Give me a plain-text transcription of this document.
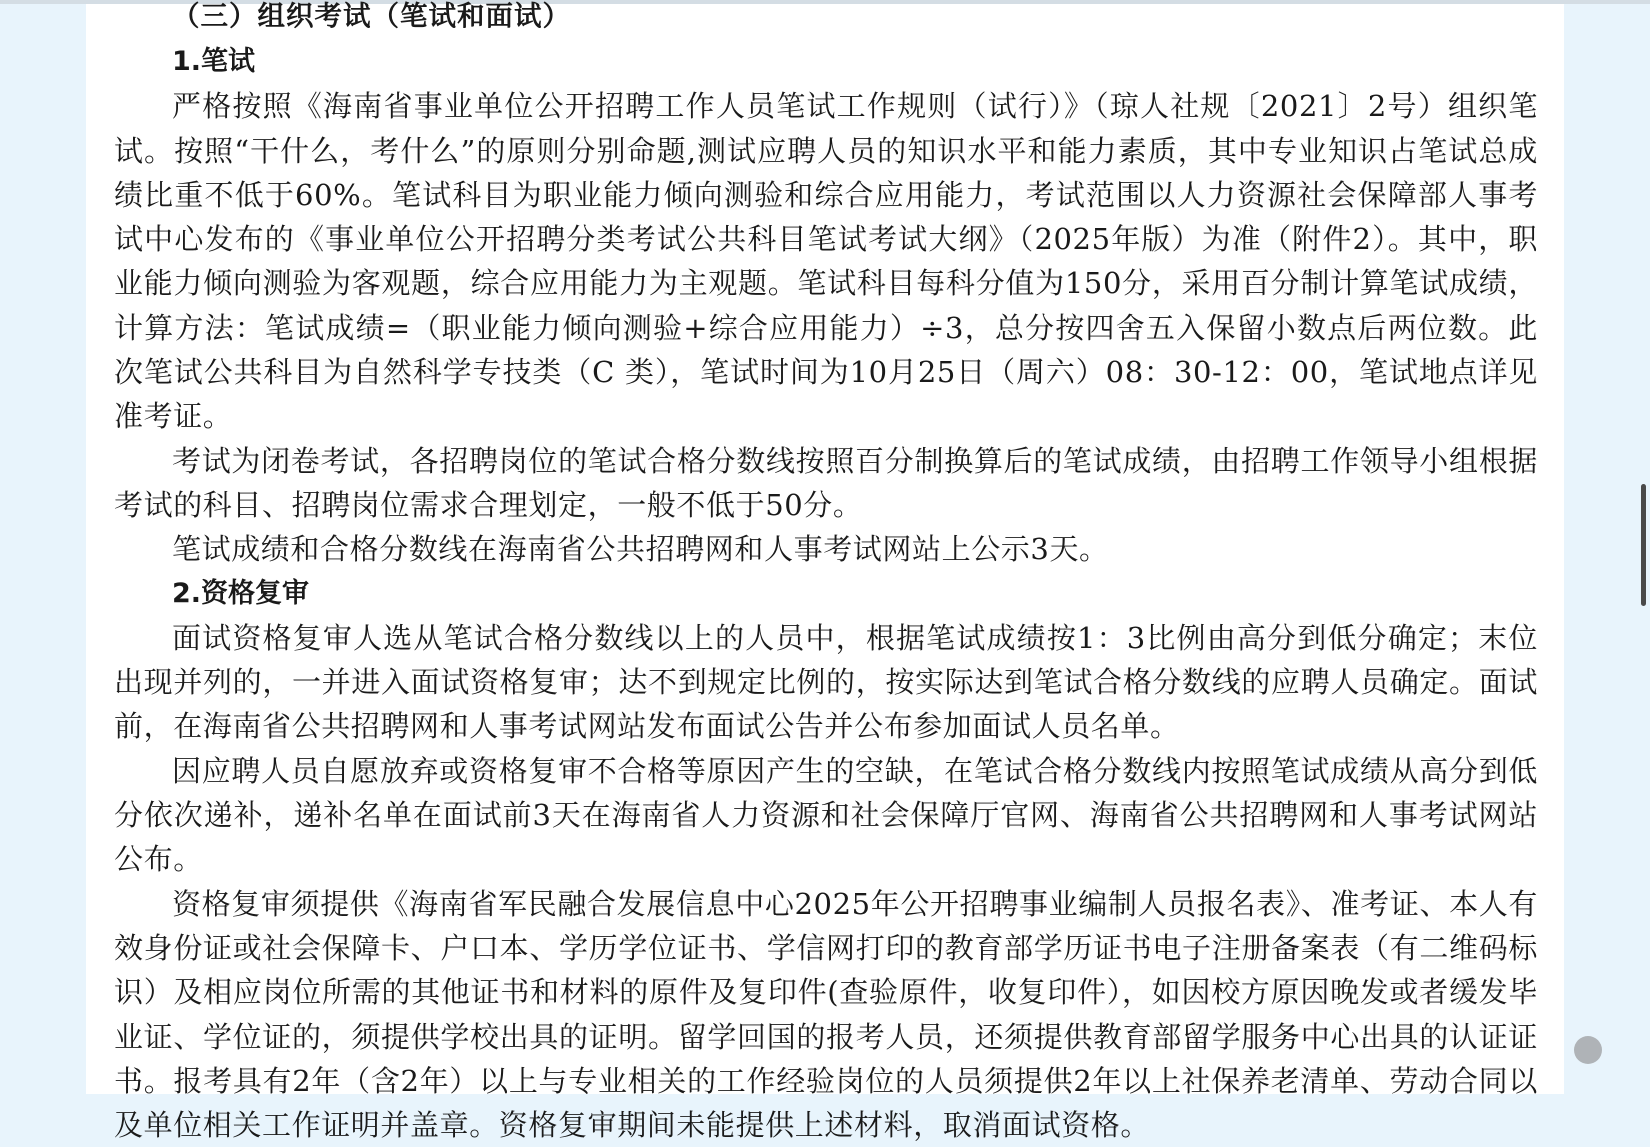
（三）组织考试（笔试和面试）
1.笔试

严格按照《海南省事业单位公开招聘工作人员笔试工作规则（试行）》（琼人社规〔2021〕2号）组织笔试。按照“干什么，考什么”的原则分别命题,测试应聘人员的知识水平和能力素质，其中专业知识占笔试总成绩比重不低于60%。笔试科目为职业能力倾向测验和综合应用能力，考试范围以人力资源社会保障部人事考试中心发布的《事业单位公开招聘分类考试公共科目笔试考试大纲》（2025年版）为准（附件2）。其中，职业能力倾向测验为客观题，综合应用能力为主观题。笔试科目每科分值为150分，采用百分制计算笔试成绩，计算方法：笔试成绩=（职业能力倾向测验+综合应用能力）÷3，总分按四舍五入保留小数点后两位数。此次笔试公共科目为自然科学专技类（C 类），笔试时间为10月25日（周六）08：30-12：00，笔试地点详见准考证。

考试为闭卷考试，各招聘岗位的笔试合格分数线按照百分制换算后的笔试成绩，由招聘工作领导小组根据考试的科目、招聘岗位需求合理划定，一般不低于50分。

笔试成绩和合格分数线在海南省公共招聘网和人事考试网站上公示3天。

2.资格复审

面试资格复审人选从笔试合格分数线以上的人员中，根据笔试成绩按1：3比例由高分到低分确定；末位出现并列的，一并进入面试资格复审；达不到规定比例的，按实际达到笔试合格分数线的应聘人员确定。面试前，在海南省公共招聘网和人事考试网站发布面试公告并公布参加面试人员名单。

因应聘人员自愿放弃或资格复审不合格等原因产生的空缺，在笔试合格分数线内按照笔试成绩从高分到低分依次递补，递补名单在面试前3天在海南省人力资源和社会保障厅官网、海南省公共招聘网和人事考试网站公布。

资格复审须提供《海南省军民融合发展信息中心2025年公开招聘事业编制人员报名表》、准考证、本人有效身份证或社会保障卡、户口本、学历学位证书、学信网打印的教育部学历证书电子注册备案表（有二维码标识）及相应岗位所需的其他证书和材料的原件及复印件(查验原件，收复印件），如因校方原因晚发或者缓发毕业证、学位证的，须提供学校出具的证明。留学回国的报考人员，还须提供教育部留学服务中心出具的认证证书。报考具有2年（含2年）以上与专业相关的工作经验岗位的人员须提供2年以上社保养老清单、劳动合同以及单位相关工作证明并盖章。资格复审期间未能提供上述材料，取消面试资格。
